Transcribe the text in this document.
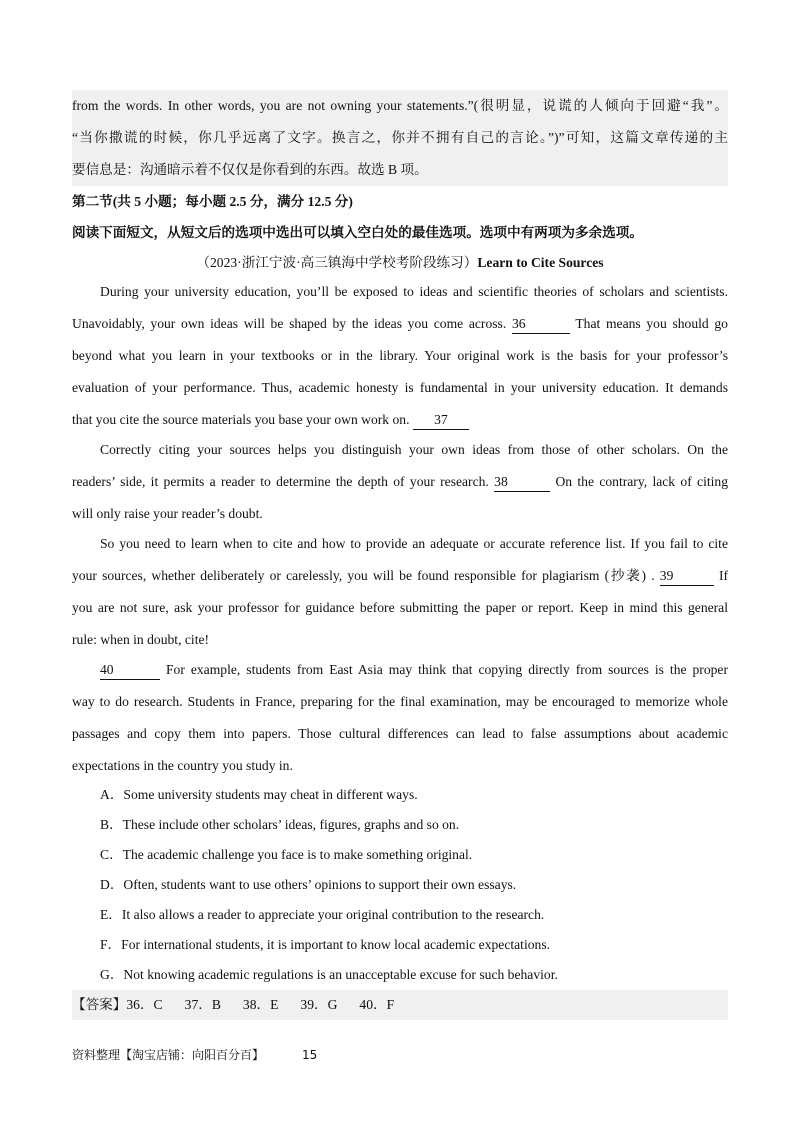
from the words. In other words, you are not owning your statements.”(很明显，说谎的人倾向于回避“我”。
“当你撒谎的时候，你几乎远离了文字。换言之，你并不拥有自己的言论。”)”可知，这篇文章传递的主
要信息是：沟通暗示着不仅仅是你看到的东西。故选 B 项。
第二节(共 5 小题；每小题 2.5 分，满分 12.5 分)
阅读下面短文，从短文后的选项中选出可以填入空白处的最佳选项。选项中有两项为多余选项。
（2023·浙江宁波·高三镇海中学校考阶段练习）Learn to Cite Sources
During your university education, you’ll be exposed to ideas and scientific theories of scholars and scientists.
Unavoidably, your own ideas will be shaped by the ideas you come across. 36	That means you should go
beyond what you learn in your textbooks or in the library. Your original work is the basis for your professor’s
evaluation of your performance. Thus, academic honesty is fundamental in your university education. It demands
that you cite the source materials you base your own work on. 37
Correctly citing your sources helps you distinguish your own ideas from those of other scholars. On the
readers’ side, it permits a reader to determine the depth of your research. 38	On the contrary, lack of citing
will only raise your reader’s doubt.
So you need to learn when to cite and how to provide an adequate or accurate reference list. If you fail to cite
your sources, whether deliberately or carelessly, you will be found responsible for plagiarism (抄袭) . 39	If
you are not sure, ask your professor for guidance before submitting the paper or report. Keep in mind this general
rule: when in doubt, cite!
40	For example, students from East Asia may think that copying directly from sources is the proper
way to do research. Students in France, preparing for the final examination, may be encouraged to memorize whole
passages and copy them into papers. Those cultural differences can lead to false assumptions about academic
expectations in the country you study in.
A．Some university students may cheat in different ways.
B．These include other scholars’ ideas, figures, graphs and so on.
C．The academic challenge you face is to make something original.
D．Often, students want to use others’ opinions to support their own essays.
E．It also allows a reader to appreciate your original contribution to the research.
F．For international students, it is important to know local academic expectations.
G．Not knowing academic regulations is an unacceptable excuse for such behavior.
【答案】36．C 37．B 38．E 39．G 40．F
资料整理【淘宝店铺：向阳百分百】	15
